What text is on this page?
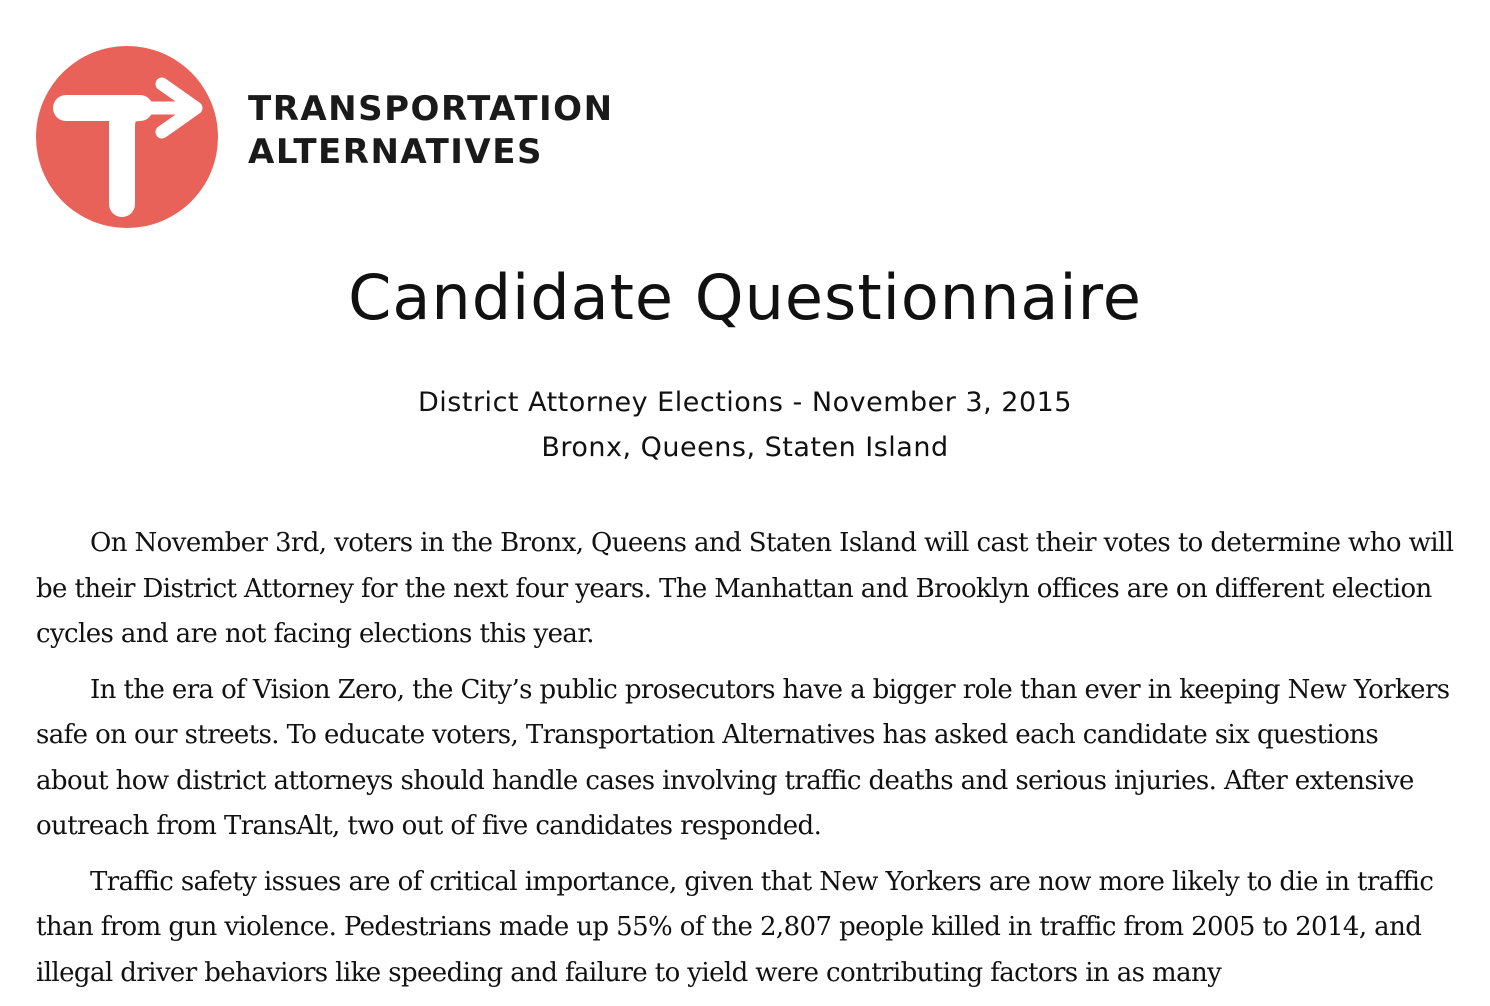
TRANSPORTATION
ALTERNATIVES
Candidate Questionnaire
District Attorney Elections - November 3, 2015
Bronx, Queens, Staten Island

On November 3rd, voters in the Bronx, Queens and Staten Island will cast their votes to determine who will be their District Attorney for the next four years. The Manhattan and Brooklyn offices are on different election cycles and are not facing elections this year.

In the era of Vision Zero, the City’s public prosecutors have a bigger role than ever in keeping New Yorkers safe on our streets. To educate voters, Transportation Alternatives has asked each candidate six questions about how district attorneys should handle cases involving traffic deaths and serious injuries. After extensive outreach from TransAlt, two out of five candidates responded.

Traffic safety issues are of critical importance, given that New Yorkers are now more likely to die in traffic than from gun violence. Pedestrians made up 55% of the 2,807 people killed in traffic from 2005 to 2014, and illegal driver behaviors like speeding and failure to yield were contributing factors in as many
